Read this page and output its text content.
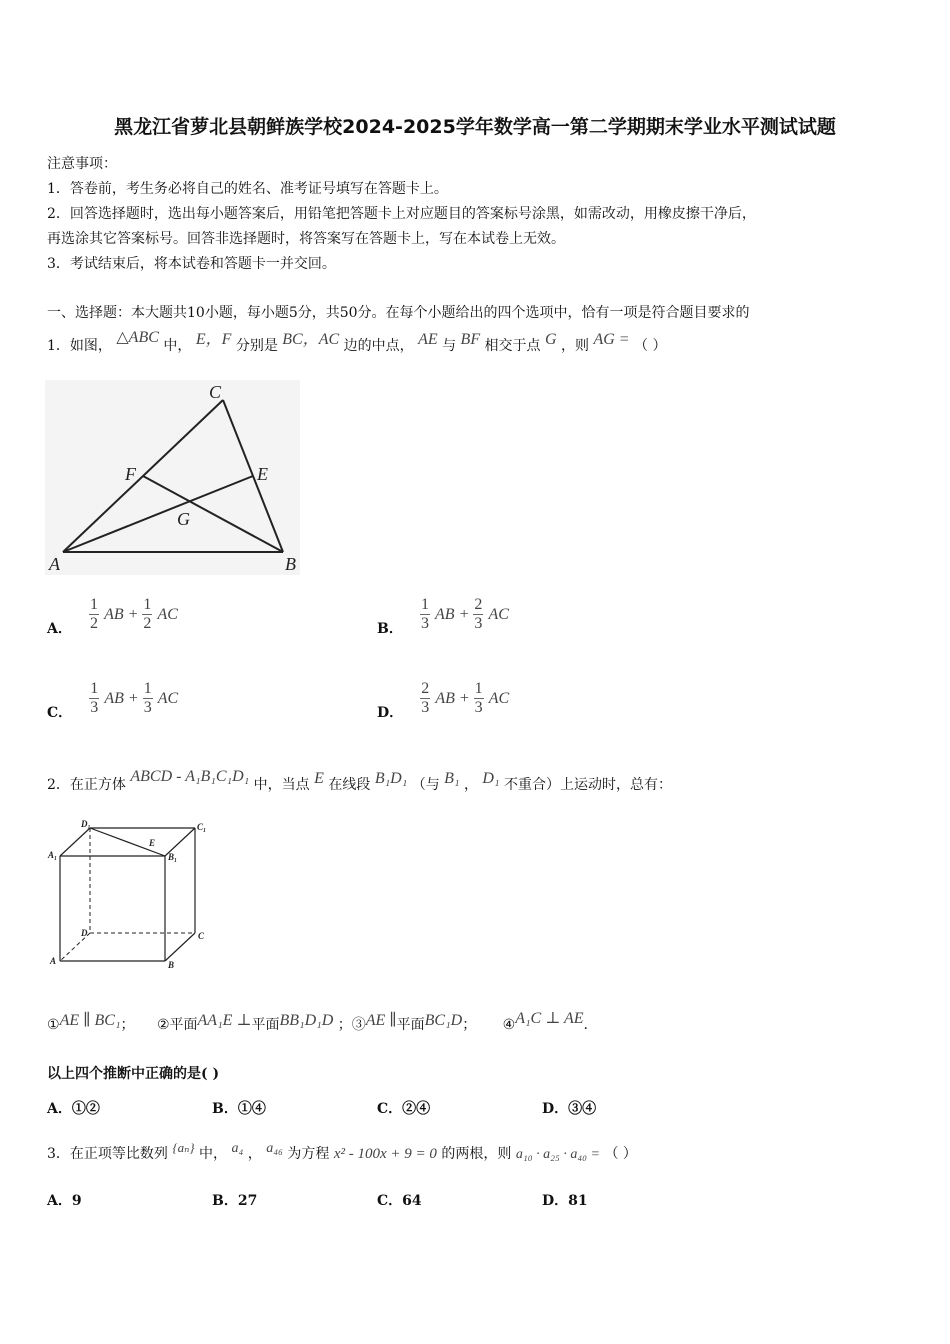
黑龙江省萝北县朝鲜族学校2024-2025学年数学高一第二学期期末学业水平测试试题
注意事项：
1．答卷前，考生务必将自己的姓名、准考证号填写在答题卡上。
2．回答选择题时，选出每小题答案后，用铅笔把答题卡上对应题目的答案标号涂黑，如需改动，用橡皮擦干净后，
再选涂其它答案标号。回答非选择题时，将答案写在答题卡上，写在本试卷上无效。
3．考试结束后，将本试卷和答题卡一并交回。
一、选择题：本大题共10小题，每小题5分，共50分。在每个小题给出的四个选项中，恰有一项是符合题目要求的
1．如图， △ABC 中， E，F 分别是 BC，AC 边的中点， AE 与 BF 相交于点 G ，则 AG = （ ）
C
F	E
G
A	B
A． $\frac{1}{2}$ AB + $\frac{1}{2}$ AC
B． $\frac{1}{3}$ AB + $\frac{2}{3}$ AC
C． $\frac{1}{3}$ AB + $\frac{1}{3}$ AC
D． $\frac{2}{3}$ AB + $\frac{1}{3}$ AC
2．在正方体 ABCD - A₁B₁C₁D₁ 中，当点 E 在线段 B₁D₁ （与 B₁ ， D₁ 不重合）上运动时，总有：
D₁	C₁
A₁	B₁
E
D	C
A	B
①AE ∥ BC₁； ②平面AA₁E ⊥平面BB₁D₁D ；③AE ∥平面BC₁D； ④A₁C ⊥ AE.
以上四个推断中正确的是( )
A．①②	B．①④	C．②④	D．③④
3．在正项等比数列 {aₙ} 中， a₄ ， a₄₆ 为方程 x² - 100x + 9 = 0 的两根，则 a₁₀ · a₂₅ · a₄₀ = （ ）
A．9	B．27	C．64	D．81
